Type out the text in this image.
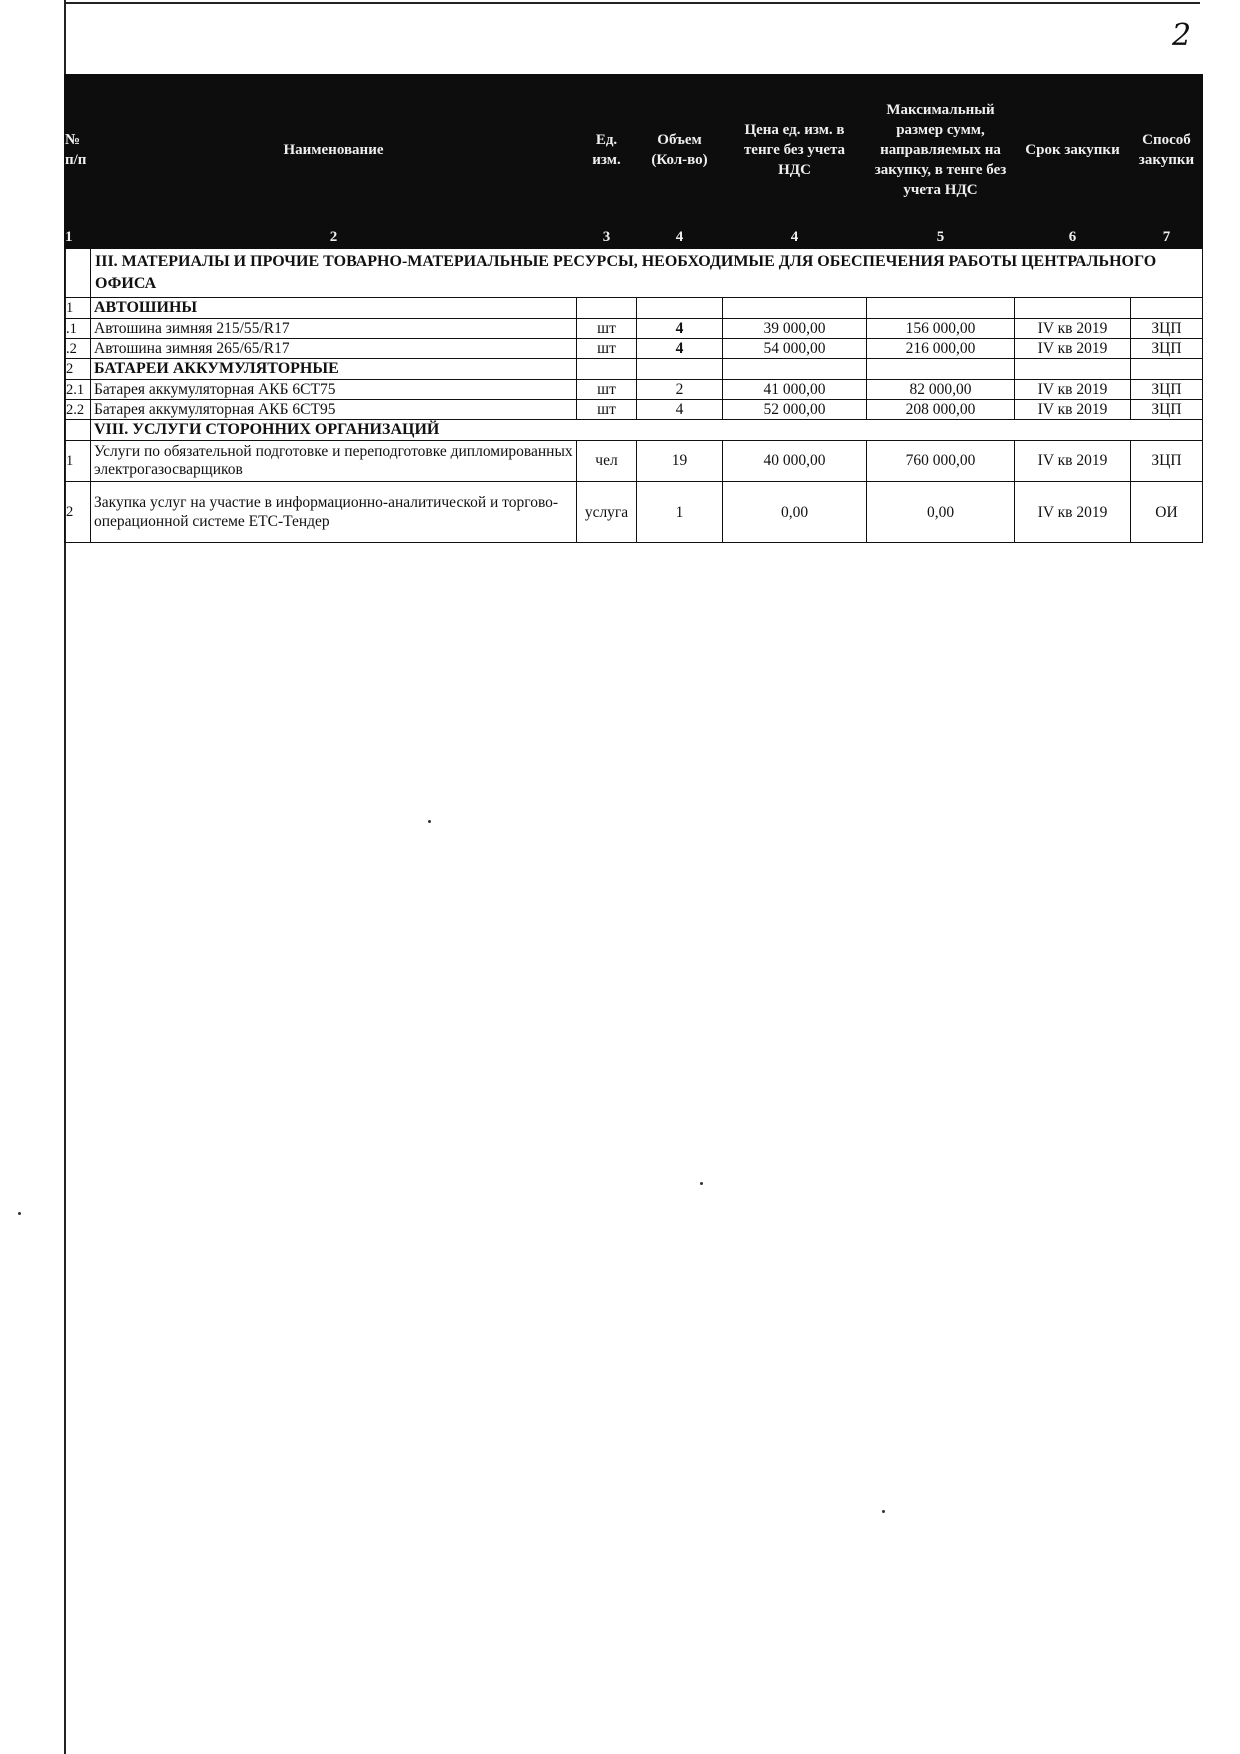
2
№ п/п	Наименование	Ед. изм.	Объем (Кол-во)	Цена ед. изм. в тенге без учета НДС	Максимальный размер сумм, направляемых на закупку, в тенге без учета НДС	Срок закупки	Способ закупки
1	2	3	4	4	5	6	7
	III. МАТЕРИАЛЫ И ПРОЧИЕ ТОВАРНО-МАТЕРИАЛЬНЫЕ РЕСУРСЫ, НЕОБХОДИМЫЕ ДЛЯ ОБЕСПЕЧЕНИЯ РАБОТЫ ЦЕНТРАЛЬНОГО ОФИСА						
1	АВТОШИНЫ						
.1	Автошина зимняя 215/55/R17	шт	4	39 000,00	156 000,00	IV кв 2019	ЗЦП
.2	Автошина зимняя 265/65/R17	шт	4	54 000,00	216 000,00	IV кв 2019	ЗЦП
2	БАТАРЕИ АККУМУЛЯТОРНЫЕ						
2.1	Батарея аккумуляторная АКБ 6СТ75	шт	2	41 000,00	82 000,00	IV кв 2019	ЗЦП
2.2	Батарея аккумуляторная АКБ 6СТ95	шт	4	52 000,00	208 000,00	IV кв 2019	ЗЦП
	VIII. УСЛУГИ СТОРОННИХ ОРГАНИЗАЦИЙ						
1	Услуги по обязательной подготовке и переподготовке дипломированных электрогазосварщиков	чел	19	40 000,00	760 000,00	IV кв 2019	ЗЦП
2	Закупка услуг на участие в информационно-аналитической и торгово-операционной системе ЕТС-Тендер	услуга	1	0,00	0,00	IV кв 2019	ОИ
